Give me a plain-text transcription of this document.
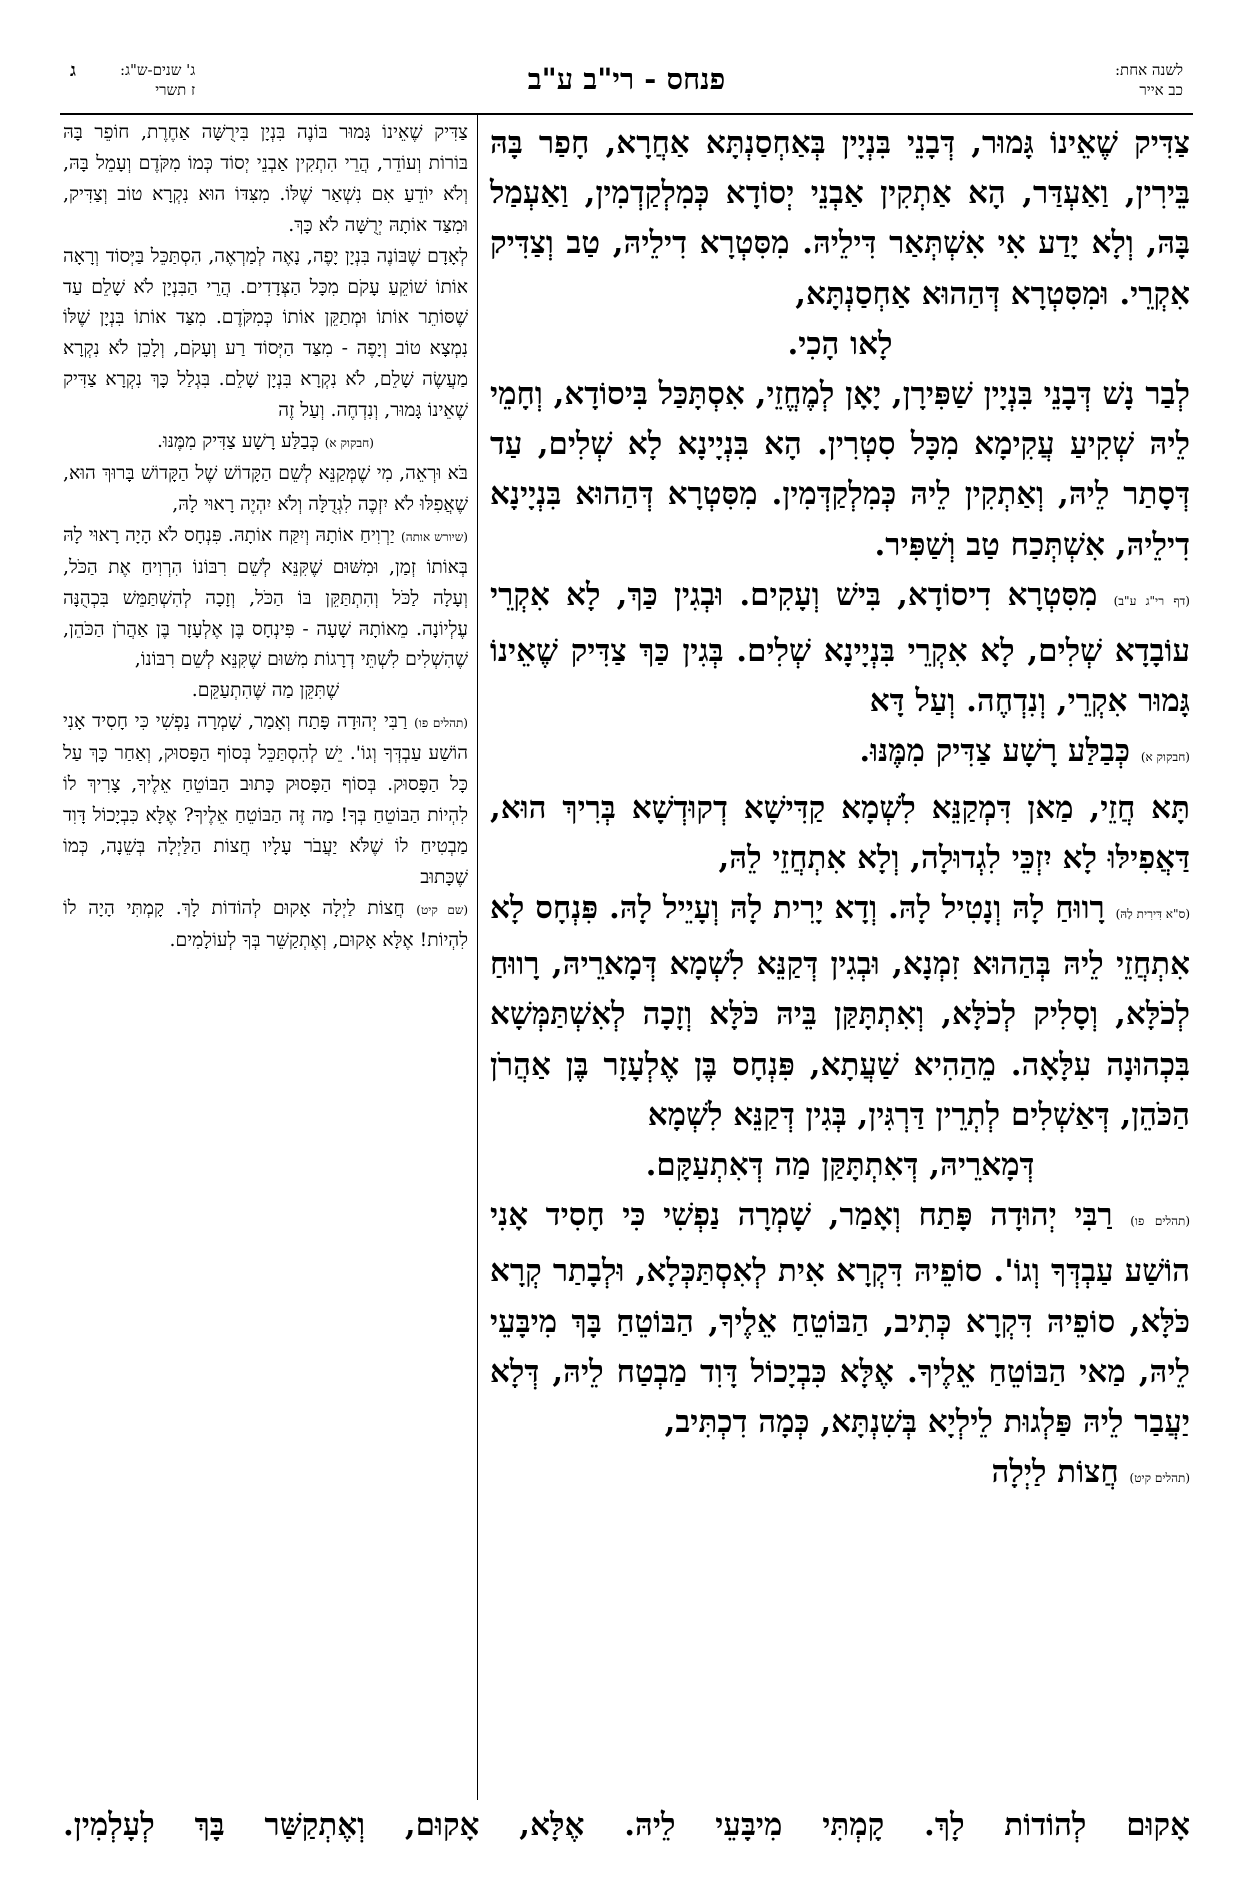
לשנה אחת:
כב אייר
פנחס - רי"ב ע"ב
ג' שנים-ש"ג:
ז תשרי
ג

צַדִּיק שֶׁאֵינוֹ גָּמוּר, דְּבָנֵי בִּנְיָין בְּאַחְסַנְתָּא אַחֲרָא, חָפַר בָּהּ בֵּירִין, וַאַעְדַּר, הָא אַתְקִין אַבְנֵי יְסוֹדָא כְּמִלְקַדְמִין, וַאַעְמַל בָּהּ, וְלָא יָדַע אִי אִשְׁתְּאַר דִּילֵיהּ. מִסִּטְרָא דִילֵיהּ, טַב וְצַדִּיק אִקְרֵי. וּמִסִּטְרָא דְּהַהוּא אַחְסַנְתָּא,

לָאו הָכִי.

לְבַר נָשׁ דְּבָנֵי בִּנְיָין שַׁפִּירָן, יָאָן לְמֶחֱזֵי, אִסְתָּכַּל בִּיסוֹדָא, וְחָמֵי לֵיהּ שְׁקִיעַ עֲקִימָא מִכָּל סִטְרִין. הָא בִּנְיָינָא לָא שְׁלִים, עַד דְּסָתַר לֵיהּ, וְאַתְקִין לֵיהּ כְּמִלְקַדְּמִין. מִסִּטְרָא דְּהַהוּא בִּנְיָינָא דִילֵיהּ, אִשְׁתְּכַח טַב וְשַׁפִּיר.

(דף רי"ג ע"ב) מִסִּטְרָא דִיסוֹדָא, בִּישׁ וְעָקִים. וּבְגִין כַּךְ, לָא אִקְרֵי עוֹבָדָא שְׁלִים, לָא אִקְרֵי בִּנְיָינָא שְׁלִים. בְּגִין כַּךְ צַדִּיק שֶׁאֵינוֹ גָּמוּר אִקְרֵי, וְנִדְחֶה. וְעַל דָּא

(חבקוק א) כְּבַלַּע רָשָׁע צַדִּיק מִמֶּנּוּ.

תָּא חֲזֵי, מַאן דִּמְקַנֵּא לִשְׁמָא קַדִּישָׁא דְקוּדְשָׁא בְּרִיךְ הוּא, דַּאֲפִילּוּ לָא יִזְכֵּי לִגְדוּלָה, וְלָא אִתְחֲזֵי לֵהּ,

(ס"א דִּירִית לַהּ) רָווּחַ לָהּ וְנָטִיל לָהּ. וְדָא יָרִית לָהּ וְעָיֵיל לָהּ. פִּנְחָס לָא אִתְחֲזֵי לֵיהּ בְּהַהוּא זִמְנָא, וּבְגִין דְּקַנֵּא לִשְׁמָא דְּמָארֵיהּ, רָווּחַ לְכֹלָּא, וְסָלִיק לְכֹלָּא, וְאִתְתָּקַּן בֵּיהּ כֹּלָּא וְזָכָה לְאִשְׁתַּמְּשָׁא בִּכְהוּנָה עִלָּאָה. מֵהַהִיא שַׁעֲתָא, פִּנְחָס בֶּן אֶלְעָזָר בֶּן אַהֲרֹן הַכֹּהֵן, דְּאַשְׁלִים לְתְרֵין דַּרְגִּין, בְּגִין דְּקַנֵּא לִשְׁמָא

דְּמָארֵיהּ, דְּאִתְתָּקַּן מַה דְּאִתְעַקָּם.

(תהלים פו) רַבִּי יְהוּדָה פָּתַח וְאָמַר, שָׁמְרָה נַפְשִׁי כִּי חָסִיד אָנִי הוֹשַׁע עַבְדְּךָ וְגוֹ'. סוֹפֵיהּ דִּקְרָא אִית לְאִסְתַּכְּלָא, וּלְבָתַר קְרָא כֹּלָּא, סוֹפֵיהּ דִּקְרָא כְּתִיב, הַבּוֹטֵחַ אֵלֶיךָ, הַבּוֹטֵחַ בָּךְ מִיבָּעֵי לֵיהּ, מַאי הַבּוֹטֵחַ אֵלֶיךָ. אֶלָּא כִּבְיָכוֹל דָּוִד מַבְטַח לֵיהּ, דְּלָא יַעֲבַר לֵיהּ פַּלְגוּת לֵילְיָא בְּשִׁנְתָּא, כְּמָה דִכְתִּיב,

(תהלים קיט) חֲצוֹת לַיְלָה

צַדִּיק שֶׁאֵינוֹ גָּמוּר בּוֹנֶה בִּנְיָן בִּירֻשָּׁה אַחֶרֶת, חוֹפֵר בָּהּ בּוֹרוֹת וְעוֹדֵר, הֲרֵי הִתְקִין אַבְנֵי יְסוֹד כְּמוֹ מִקֹּדֶם וְעָמֵל בָּהּ, וְלֹא יוֹדֵעַ אִם נִשְׁאַר שֶׁלּוֹ. מִצִּדּוֹ הוּא נִקְרָא טוֹב וְצַדִּיק, וּמִצַּד אוֹתָהּ יְרֻשָּׁה לֹא כָּךְ.

לְאָדָם שֶׁבּוֹנֶה בִּנְיָן יָפֶה, נָאֶה לְמַרְאֶה, הִסְתַּכֵּל בַּיְּסוֹד וְרָאָה אוֹתוֹ שׁוֹקֵעַ עָקֹם מִכָּל הַצְּדָדִים. הֲרֵי הַבִּנְיָן לֹא שָׁלֵם עַד שֶׁסּוֹתֵר אוֹתוֹ וּמְתַקֵּן אוֹתוֹ כְּמִקֹּדֶם. מִצַּד אוֹתוֹ בִּנְיָן שֶׁלּוֹ נִמְצָא טוֹב וְיָפֶה - מִצַּד הַיְּסוֹד רַע וְעָקֹם, וְלָכֵן לֹא נִקְרָא מַעֲשֶׂה שָׁלֵם, לֹא נִקְרָא בִּנְיָן שָׁלֵם. בִּגְלַל כָּךְ נִקְרָא צַדִּיק שֶׁאֵינוֹ גָּמוּר, וְנִדְחֶה. וְעַל זֶה

(חבקוק א) כְּבַלַּע רָשָׁע צַדִּיק מִמֶּנּוּ.

בֹּא וּרְאֵה, מִי שֶׁמְּקַנֵּא לְשֵׁם הַקָּדוֹשׁ שֶׁל הַקָּדוֹשׁ בָּרוּךְ הוּא, שֶׁאֲפִלּוּ לֹא יִזְכֶּה לִגְדֻלָּה וְלֹא יִהְיֶה רָאוּי לָהּ,

(שיורש אותה) יַרְוִיחַ אוֹתָהּ וְיִקַּח אוֹתָהּ. פִּנְחָס לֹא הָיָה רָאוּי לָהּ בְּאוֹתוֹ זְמַן, וּמִשּׁוּם שֶׁקִּנֵּא לְשֵׁם רִבּוֹנוֹ הִרְוִיחַ אֶת הַכֹּל, וְעָלָה לַכֹּל וְהִתְתַּקֵּן בּוֹ הַכֹּל, וְזָכָה לְהִשְׁתַּמֵּשׁ בִּכְהֻנָּה עֶלְיוֹנָה. מֵאוֹתָהּ שָׁעָה - פִּינְחָס בֶּן אֶלְעָזָר בֶּן אַהֲרֹן הַכֹּהֵן, שֶׁהִשְׁלִים לִשְׁתֵּי דְרָגוֹת מִשּׁוּם שֶׁקִּנֵּא לְשֵׁם רִבּוֹנוֹ,

שֶׁתִּקֵּן מַה שֶּׁהִתְעַקֵּם.

(תהלים פו) רַבִּי יְהוּדָה פָּתַח וְאָמַר, שָׁמְרָה נַפְשִׁי כִּי חָסִיד אָנִי הוֹשַׁע עַבְדְּךָ וְגוֹ'. יֵשׁ לְהִסְתַּכֵּל בְּסוֹף הַפָּסוּק, וְאַחַר כָּךְ עַל כָּל הַפָּסוּק. בְּסוֹף הַפָּסוּק כָּתוּב הַבּוֹטֵחַ אֵלֶיךָ, צָרִיךְ לוֹ לִהְיוֹת הַבּוֹטֵחַ בְּךָ! מַה זֶּה הַבּוֹטֵחַ אֵלֶיךָ? אֶלָּא כִּבְיָכוֹל דָּוִד מַבְטִיחַ לוֹ שֶׁלֹּא יַעֲבֹר עָלָיו חֲצוֹת הַלַּיְלָה בְּשֵׁנָה, כְּמוֹ שֶׁכָּתוּב

(שם קיט) חֲצוֹת לַיְלָה אָקוּם לְהוֹדוֹת לָךְ. קָמְתִּי הָיָה לוֹ לִהְיוֹת! אֶלָּא אָקוּם, וְאֶתְקַשֵּׁר בְּךָ לְעוֹלָמִים.

אָקוּם לְהוֹדוֹת לָךְ. קָמְתִּי מִיבָּעֵי לֵיהּ. אֶלָּא, אָקוּם, וְאֶתְקַשַּׁר בָּךְ לְעָלְמִין.
